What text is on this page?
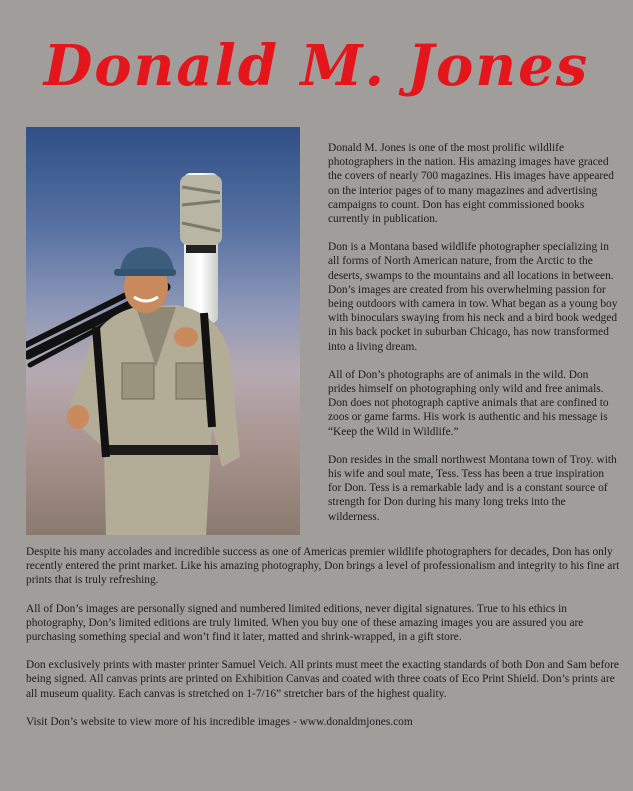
Donald M. Jones

Donald M. Jones is one of the most prolific wildlife photographers in the nation. His amazing images have graced the covers of nearly 700 magazines. His images have appeared on the interior pages of to many magazines and advertising campaigns to count. Don has eight commissioned books currently in publication.

Don is a Montana based wildlife photographer specializing in all forms of North American nature, from the Arctic to the deserts, swamps to the mountains and all locations in between. Don’s images are created from his overwhelming passion for being outdoors with camera in tow. What began as a young boy with binoculars swaying from his neck and a bird book wedged in his back pocket in suburban Chicago, has now transformed into a living dream.

All of Don’s photographs are of animals in the wild. Don prides himself on photographing only wild and free animals. Don does not photograph captive animals that are confined to zoos or game farms. His work is authentic and his message is “Keep the Wild in Wildlife.”

Don resides in the small northwest Montana town of Troy. with his wife and soul mate, Tess. Tess has been a true inspiration for Don. Tess is a remarkable lady and is a constant source of strength for Don during his many long treks into the wilderness.

Despite his many accolades and incredible success as one of Americas premier wildlife photographers for decades, Don has only recently entered the print market. Like his amazing photography, Don brings a level of professionalism and integrity to his fine art prints that is truly refreshing.

All of Don’s images are personally signed and numbered limited editions, never digital signatures. True to his ethics in photography, Don’s limited editions are truly limited. When you buy one of these amazing images you are assured you are purchasing something special and won’t find it later, matted and shrink-wrapped, in a gift store.

Don exclusively prints with master printer Samuel Veich. All prints must meet the exacting standards of both Don and Sam before being signed. All canvas prints are printed on Exhibition Canvas and coated with three coats of Eco Print Shield. Don’s prints are all museum quality. Each canvas is stretched on 1-7/16” stretcher bars of the highest quality.

Visit Don’s website to view more of his incredible images - www.donaldmjones.com
